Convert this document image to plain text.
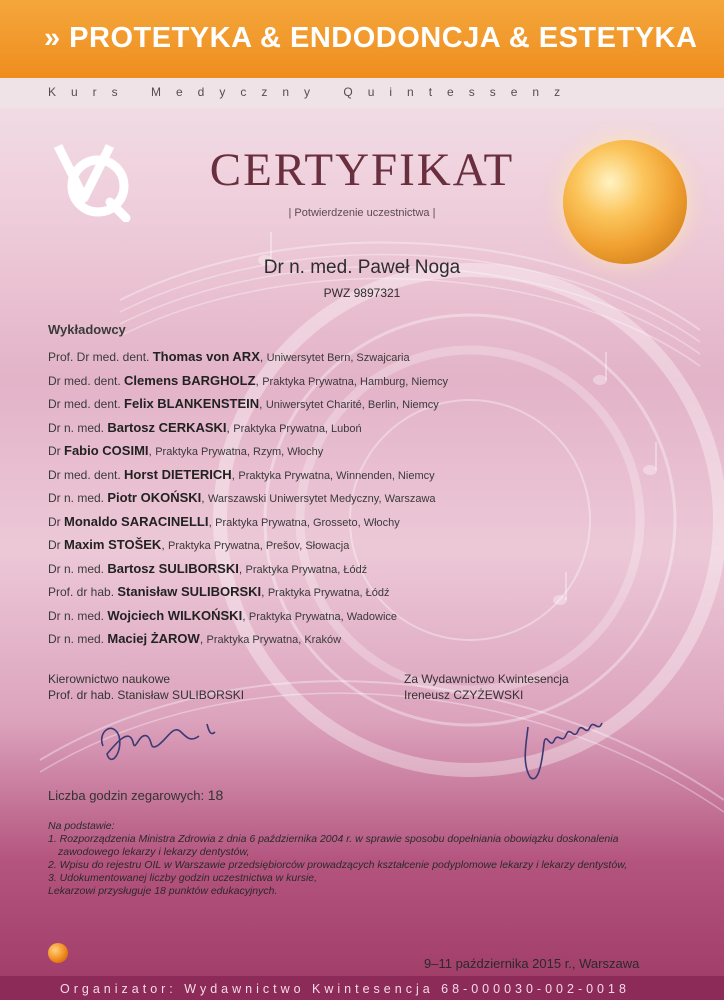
» PROTETYKA & ENDODONCJA & ESTETYKA
Kurs Medyczny Quintessenz
CERTYFIKAT
| Potwierdzenie uczestnictwa |
Dr n. med. Paweł Noga
PWZ 9897321
Wykładowcy
Prof. Dr med. dent. Thomas von ARX, Uniwersytet Bern, Szwajcaria
Dr med. dent. Clemens BARGHOLZ, Praktyka Prywatna, Hamburg, Niemcy
Dr med. dent. Felix BLANKENSTEIN, Uniwersytet Charité, Berlin, Niemcy
Dr n. med. Bartosz CERKASKI, Praktyka Prywatna, Luboń
Dr Fabio COSIMI, Praktyka Prywatna, Rzym, Włochy
Dr med. dent. Horst DIETERICH, Praktyka Prywatna, Winnenden, Niemcy
Dr n. med. Piotr OKOŃSKI, Warszawski Uniwersytet Medyczny, Warszawa
Dr Monaldo SARACINELLI, Praktyka Prywatna, Grosseto, Włochy
Dr Maxim STOŠEK, Praktyka Prywatna, Prešov, Słowacja
Dr n. med. Bartosz SULIBORSKI, Praktyka Prywatna, Łódź
Prof. dr hab. Stanisław SULIBORSKI, Praktyka Prywatna, Łódź
Dr n. med. Wojciech WILKOŃSKI, Praktyka Prywatna, Wadowice
Dr n. med. Maciej ŻAROW, Praktyka Prywatna, Kraków
Kierownictwo naukowe
Prof. dr hab. Stanisław SULIBORSKI
Za Wydawnictwo Kwintesencja
Ireneusz CZYŻEWSKI
Liczba godzin zegarowych: 18

Na podstawie:

1. Rozporządzenia Ministra Zdrowia z dnia 6 października 2004 r. w sprawie sposobu dopełniania obowiązku doskonalenia

zawodowego lekarzy i lekarzy dentystów,

2. Wpisu do rejestru OIL w Warszawie przedsiębiorców prowadzących kształcenie podyplomowe lekarzy i lekarzy dentystów,

3. Udokumentowanej liczby godzin uczestnictwa w kursie,

Lekarzowi przysługuje 18 punktów edukacyjnych.

9–11 października 2015 r., Warszawa
Organizator: Wydawnictwo Kwintesencja 68-000030-002-0018
